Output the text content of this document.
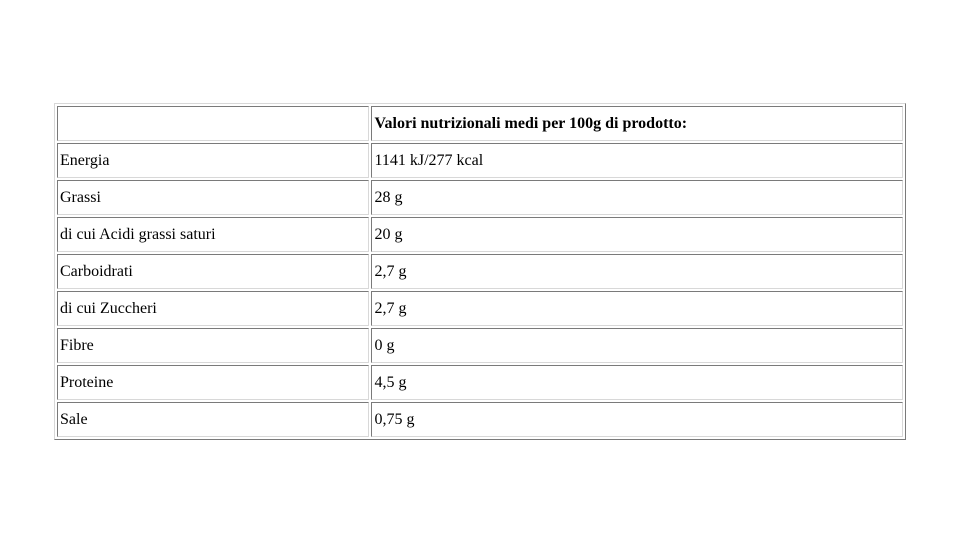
	Valori nutrizionali medi per 100g di prodotto:
Energia	1141 kJ/277 kcal
Grassi	28 g
di cui Acidi grassi saturi	20 g
Carboidrati	2,7 g
di cui Zuccheri	2,7 g
Fibre	0 g
Proteine	4,5 g
Sale	0,75 g
